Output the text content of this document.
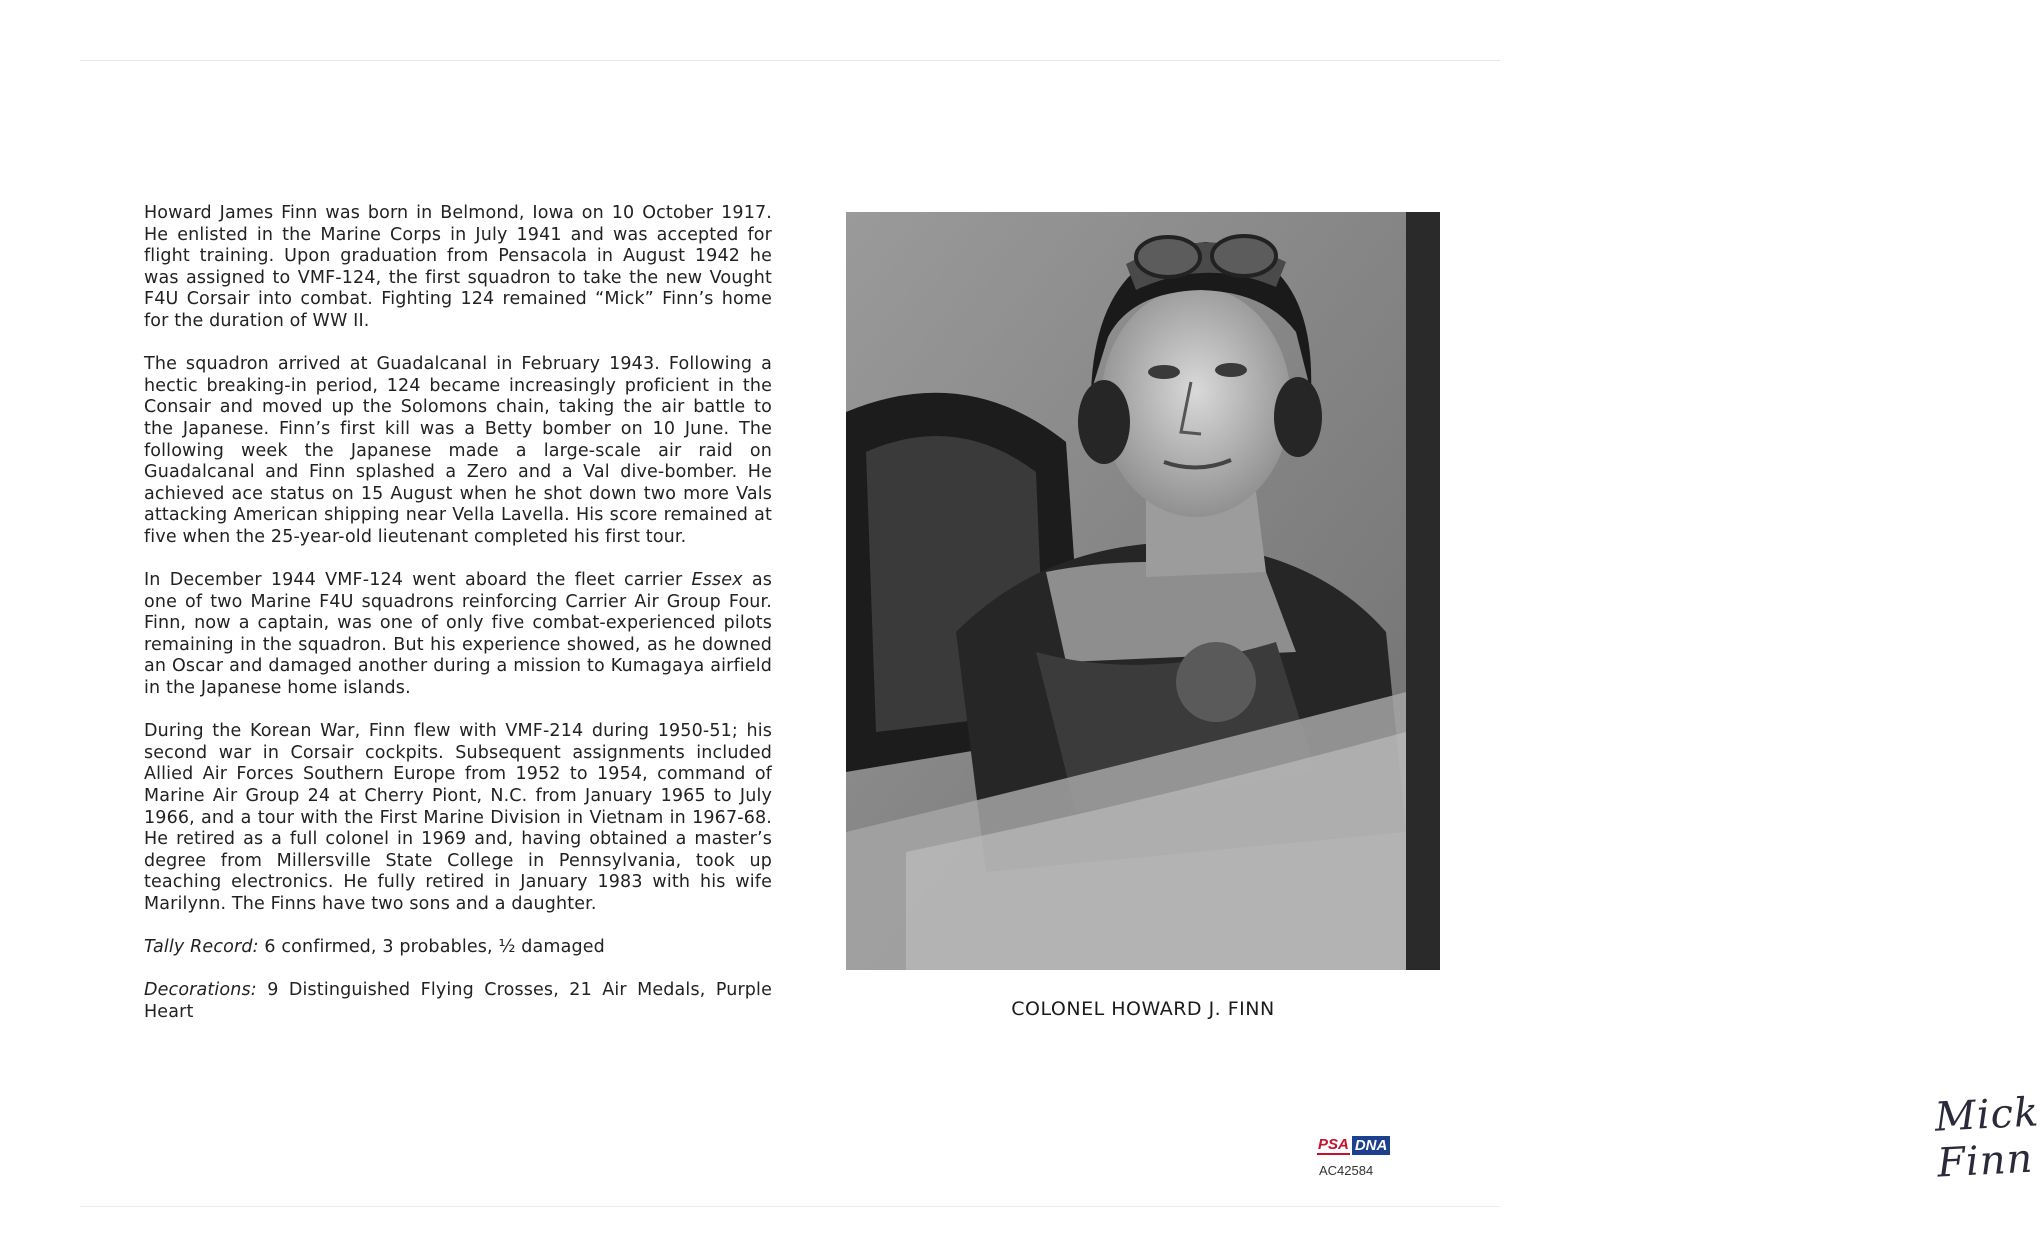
Howard James Finn was born in Belmond, Iowa on 10 October 1917. He enlisted in the Marine Corps in July 1941 and was accepted for flight training. Upon graduation from Pensacola in August 1942 he was assigned to VMF-124, the first squadron to take the new Vought F4U Corsair into combat. Fighting 124 remained “Mick” Finn’s home for the duration of WW II.

The squadron arrived at Guadalcanal in February 1943. Following a hectic breaking-in period, 124 became increasingly proficient in the Consair and moved up the Solomons chain, taking the air battle to the Japanese. Finn’s first kill was a Betty bomber on 10 June. The following week the Japanese made a large-scale air raid on Guadalcanal and Finn splashed a Zero and a Val dive-bomber. He achieved ace status on 15 August when he shot down two more Vals attacking American shipping near Vella Lavella. His score remained at five when the 25-year-old lieutenant completed his first tour.

In December 1944 VMF-124 went aboard the fleet carrier Essex as one of two Marine F4U squadrons reinforcing Carrier Air Group Four. Finn, now a captain, was one of only five combat-experienced pilots remaining in the squadron. But his experience showed, as he downed an Oscar and damaged another during a mission to Kumagaya airfield in the Japanese home islands.

During the Korean War, Finn flew with VMF-214 during 1950-51; his second war in Corsair cockpits. Subsequent assignments included Allied Air Forces Southern Europe from 1952 to 1954, command of Marine Air Group 24 at Cherry Piont, N.C. from January 1965 to July 1966, and a tour with the First Marine Division in Vietnam in 1967-68. He retired as a full colonel in 1969 and, having obtained a master’s degree from Millersville State College in Pennsylvania, took up teaching electronics. He fully retired in January 1983 with his wife Marilynn. The Finns have two sons and a daughter.

Tally Record: 6 confirmed, 3 probables, ½ damaged

Decorations: 9 Distinguished Flying Crosses, 21 Air Medals, Purple Heart

Mick Finn
COLONEL HOWARD J. FINN
PSA DNA
AC42584
